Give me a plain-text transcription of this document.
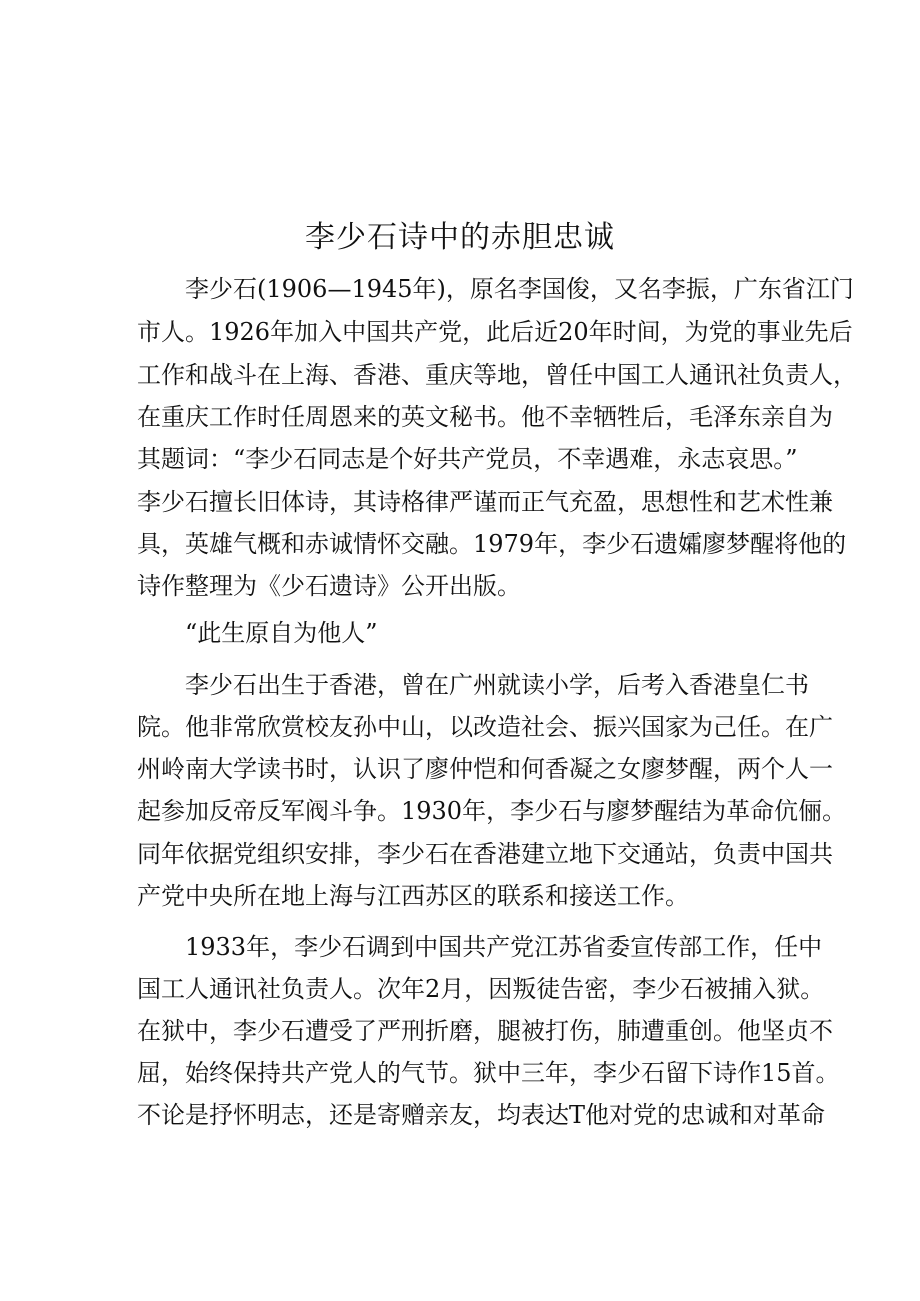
李少石诗中的赤胆忠诚

李少石(1906—1945年)，原名李国俊，又名李振，广东省江门

市人。1926年加入中国共产党，此后近20年时间，为党的事业先后

工作和战斗在上海、香港、重庆等地，曾任中国工人通讯社负责人，

在重庆工作时任周恩来的英文秘书。他不幸牺牲后，毛泽东亲自为

其题词：“李少石同志是个好共产党员，不幸遇难，永志哀思。”

李少石擅长旧体诗，其诗格律严谨而正气充盈，思想性和艺术性兼

具，英雄气概和赤诚情怀交融。1979年，李少石遗孀廖梦醒将他的

诗作整理为《少石遗诗》公开出版。

“此生原自为他人”

李少石出生于香港，曾在广州就读小学，后考入香港皇仁书

院。他非常欣赏校友孙中山，以改造社会、振兴国家为己任。在广

州岭南大学读书时，认识了廖仲恺和何香凝之女廖梦醒，两个人一

起参加反帝反军阀斗争。1930年，李少石与廖梦醒结为革命伉俪。

同年依据党组织安排，李少石在香港建立地下交通站，负责中国共

产党中央所在地上海与江西苏区的联系和接送工作。

1933年，李少石调到中国共产党江苏省委宣传部工作，任中

国工人通讯社负责人。次年2月，因叛徒告密，李少石被捕入狱。

在狱中，李少石遭受了严刑折磨，腿被打伤，肺遭重创。他坚贞不

屈，始终保持共产党人的气节。狱中三年，李少石留下诗作15首。

不论是抒怀明志，还是寄赠亲友，均表达T他对党的忠诚和对革命
